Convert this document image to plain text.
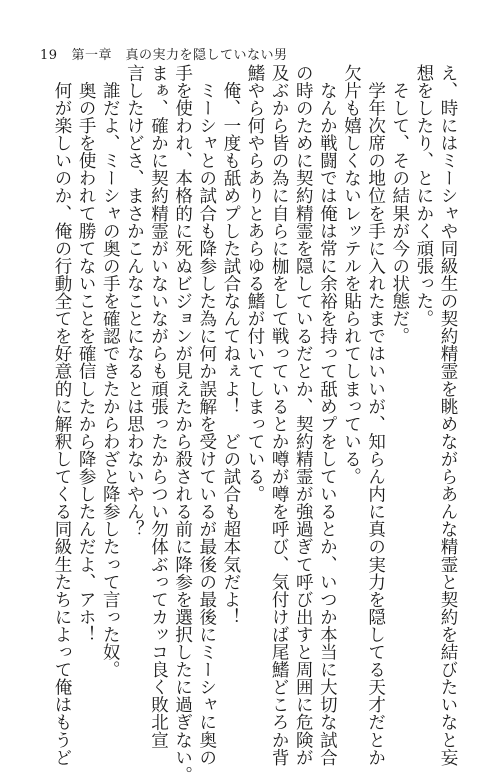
19 第一章　真の実力を隠していない男
え、時にはミーシャや同級生の契約精霊を眺めながらあんな精霊と契約を結びたいなと妄
想をしたり、とにかく頑張った。
　そして、その結果が今の状態だ。
　学年次席の地位を手に入れたまではいいが、知らん内に真の実力を隠してる天才だとか
欠片も嬉しくないレッテルを貼られてしまっている。
　なんか戦闘では俺は常に余裕を持って舐めプをしているとか、いつか本当に大切な試合
の時のために契約精霊を隠しているだとか、契約精霊が強過ぎて呼び出すと周囲に危険が
及ぶから皆の為に自らに枷をして戦っているとか噂が噂を呼び、気付けば尾鰭どころか背
鰭やら何やらありとあらゆる鰭が付いてしまっている。
　俺、一度も舐めプした試合なんてねぇよ！　どの試合も超本気だよ！
　ミーシャとの試合も降参した為に何か誤解を受けているが最後の最後にミーシャに奥の
手を使われ、本格的に死ぬビジョンが見えたから殺される前に降参を選択したに過ぎない。
まぁ、確かに契約精霊がいないながらも頑張ったからつい勿体ぶってカッコ良く敗北宣
言したけどさ、まさかこんなことになるとは思わないやん？
　誰だよ、ミーシャの奥の手を確認できたからわざと降参したって言った奴。
　奥の手を使われて勝てないことを確信したから降参したんだよ、アホ！
　何が楽しいのか、俺の行動全てを好意的に解釈してくる同級生たちによって俺はもうど
